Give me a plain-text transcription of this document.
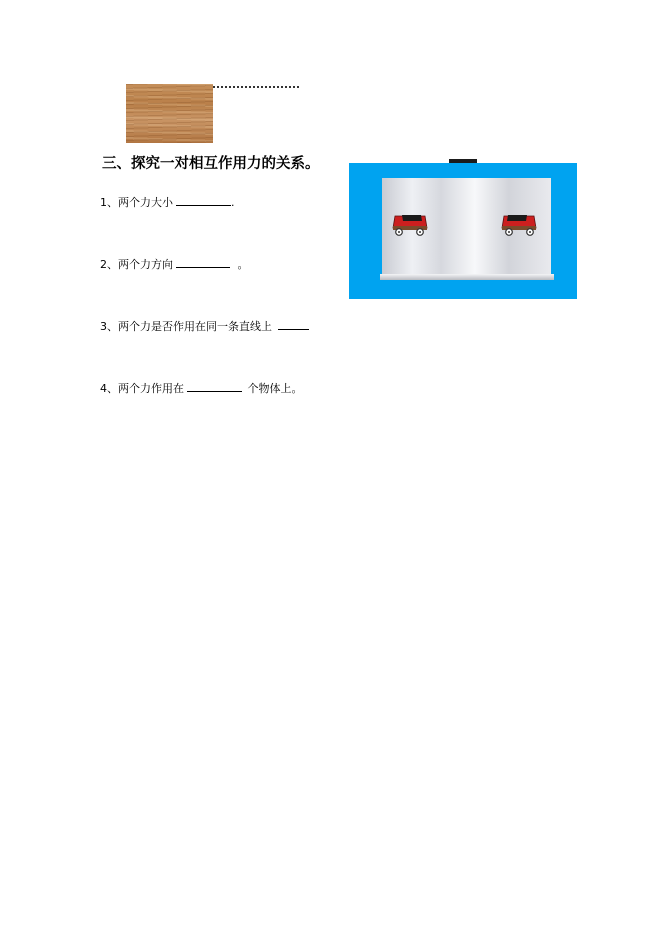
三、探究一对相互作用力的关系。
1、两个力大小	.
2、两个力方向	。
3、两个力是否作用在同一条直线上
4、两个力作用在	个物体上。
